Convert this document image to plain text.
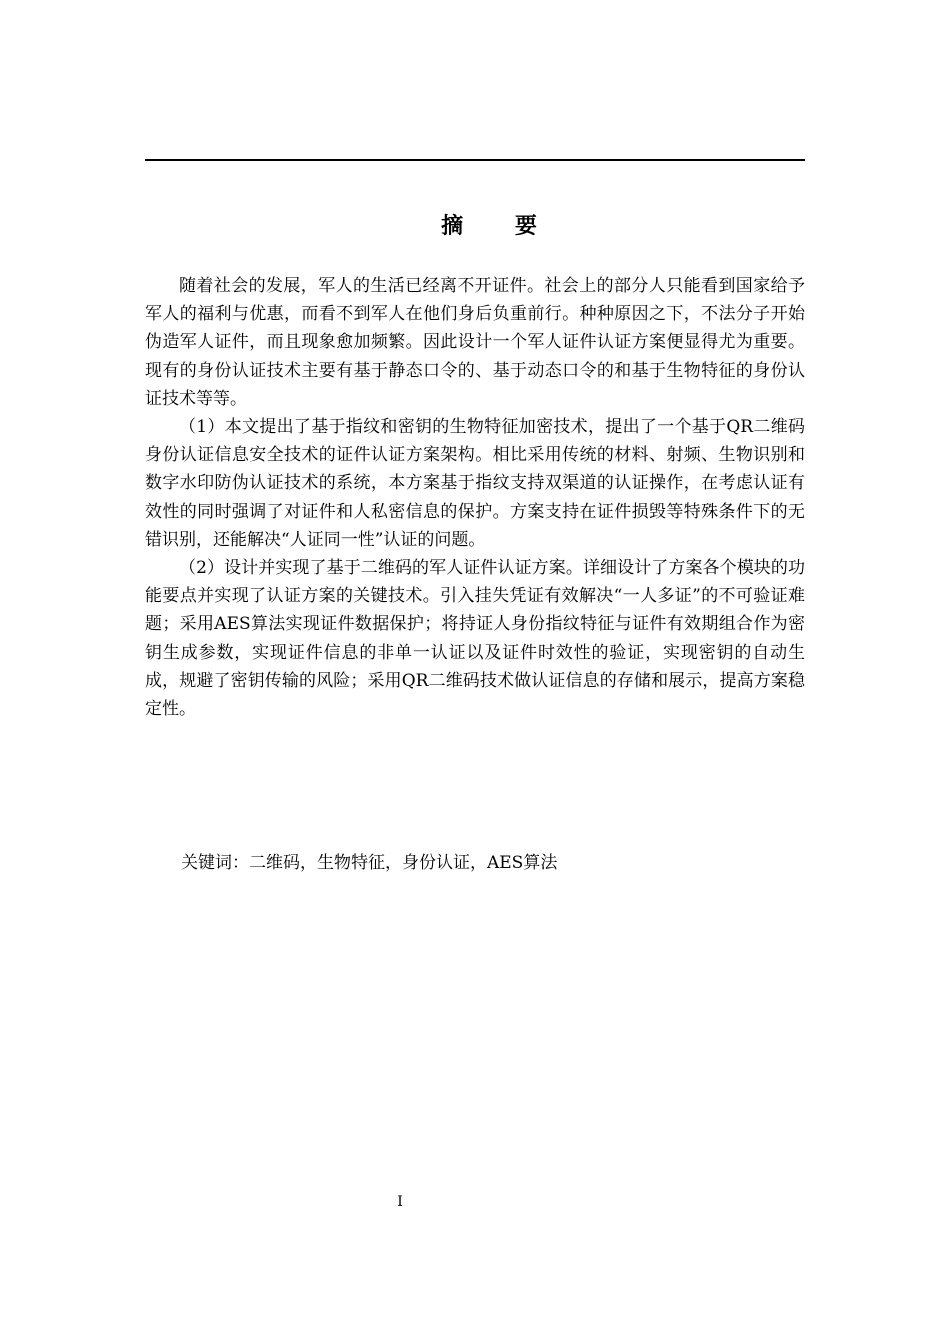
摘 要

随着社会的发展，军人的生活已经离不开证件。社会上的部分人只能看到国家给予军人的福利与优惠，而看不到军人在他们身后负重前行。种种原因之下，不法分子开始伪造军人证件，而且现象愈加频繁。因此设计一个军人证件认证方案便显得尤为重要。现有的身份认证技术主要有基于静态口令的、基于动态口令的和基于生物特征的身份认证技术等等。

（1）本文提出了基于指纹和密钥的生物特征加密技术，提出了一个基于QR二维码身份认证信息安全技术的证件认证方案架构。相比采用传统的材料、射频、生物识别和数字水印防伪认证技术的系统，本方案基于指纹支持双渠道的认证操作，在考虑认证有效性的同时强调了对证件和人私密信息的保护。方案支持在证件损毁等特殊条件下的无错识别，还能解决“人证同一性”认证的问题。

（2）设计并实现了基于二维码的军人证件认证方案。详细设计了方案各个模块的功能要点并实现了认证方案的关键技术。引入挂失凭证有效解决“一人多证”的不可验证难题；采用AES算法实现证件数据保护；将持证人身份指纹特征与证件有效期组合作为密钥生成参数，实现证件信息的非单一认证以及证件时效性的验证，实现密钥的自动生成，规避了密钥传输的风险；采用QR二维码技术做认证信息的存储和展示，提高方案稳定性。

关键词：二维码，生物特征，身份认证，AES算法
I
